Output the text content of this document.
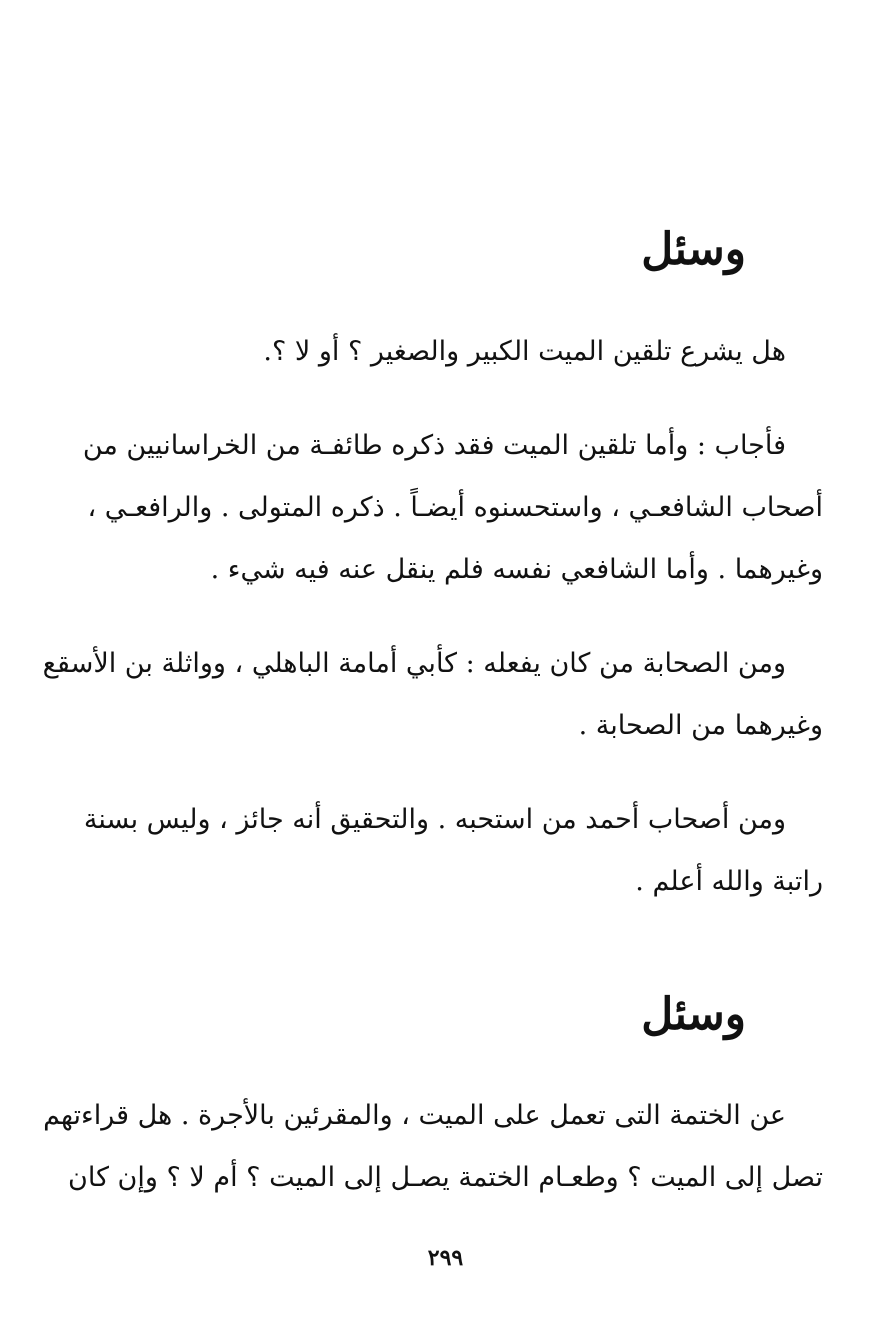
وسئل
هل يشرع تلقين الميت الكبير والصغير ؟ أو لا ؟.
فأجاب : وأما تلقين الميت فقد ذكره طائفـة من الخراسانيين من
أصحاب الشافعـي ، واستحسنوه أيضـاً . ذكره المتولى . والرافعـي ،
وغيرهما . وأما الشافعي نفسه فلم ينقل عنه فيه شيء .
ومن الصحابة من كان يفعله : كأبي أمامة الباهلي ، وواثلة بن الأسقع
وغيرهما من الصحابة .
ومن أصحاب أحمد من استحبه . والتحقيق أنه جائز ، وليس بسنة
راتبة والله أعلم .
وسئل
عن الختمة التى تعمل على الميت ، والمقرئين بالأجرة . هل قراءتهم
تصل إلى الميت ؟ وطعـام الختمة يصـل إلى الميت ؟ أم لا ؟ وإن كان
٢٩٩
